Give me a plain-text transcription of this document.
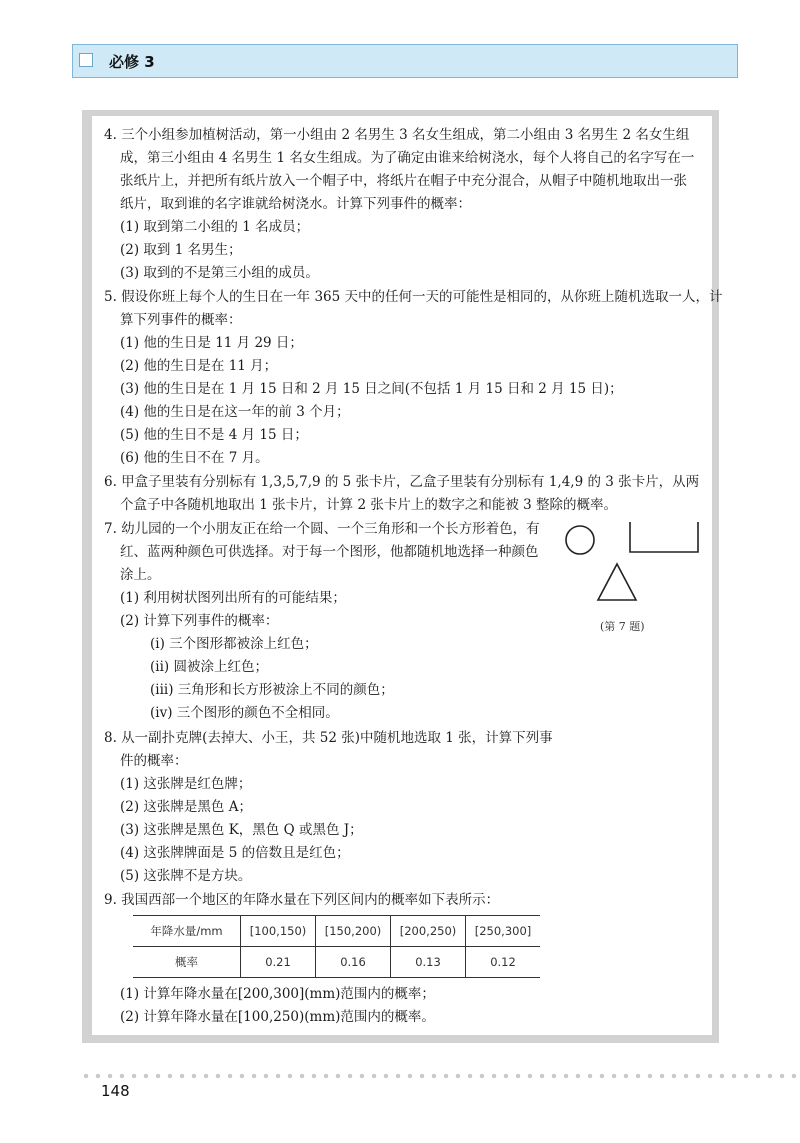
必修 3
4. 三个小组参加植树活动，第一小组由 2 名男生 3 名女生组成，第二小组由 3 名男生 2 名女生组
成，第三小组由 4 名男生 1 名女生组成。为了确定由谁来给树浇水，每个人将自己的名字写在一
张纸片上，并把所有纸片放入一个帽子中，将纸片在帽子中充分混合，从帽子中随机地取出一张
纸片，取到谁的名字谁就给树浇水。计算下列事件的概率：
(1) 取到第二小组的 1 名成员；
(2) 取到 1 名男生；
(3) 取到的不是第三小组的成员。
5. 假设你班上每个人的生日在一年 365 天中的任何一天的可能性是相同的，从你班上随机选取一人，计
算下列事件的概率：
(1) 他的生日是 11 月 29 日；
(2) 他的生日是在 11 月；
(3) 他的生日是在 1 月 15 日和 2 月 15 日之间(不包括 1 月 15 日和 2 月 15 日)；
(4) 他的生日是在这一年的前 3 个月；
(5) 他的生日不是 4 月 15 日；
(6) 他的生日不在 7 月。
6. 甲盒子里装有分别标有 1,3,5,7,9 的 5 张卡片，乙盒子里装有分别标有 1,4,9 的 3 张卡片，从两
个盒子中各随机地取出 1 张卡片，计算 2 张卡片上的数字之和能被 3 整除的概率。
7. 幼儿园的一个小朋友正在给一个圆、一个三角形和一个长方形着色，有
红、蓝两种颜色可供选择。对于每一个图形，他都随机地选择一种颜色
涂上。
(1) 利用树状图列出所有的可能结果；
(2) 计算下列事件的概率：
(i) 三个图形都被涂上红色；
(ii) 圆被涂上红色；
(iii) 三角形和长方形被涂上不同的颜色；
(iv) 三个图形的颜色不全相同。
(第 7 题)
8. 从一副扑克牌(去掉大、小王，共 52 张)中随机地选取 1 张，计算下列事
件的概率：
(1) 这张牌是红色牌；
(2) 这张牌是黑色 A；
(3) 这张牌是黑色 K，黑色 Q 或黑色 J；
(4) 这张牌牌面是 5 的倍数且是红色；
(5) 这张牌不是方块。
9. 我国西部一个地区的年降水量在下列区间内的概率如下表所示：
年降水量/mm	[100,150)	[150,200)	[200,250)	[250,300]
概率	0.21	0.16	0.13	0.12
(1) 计算年降水量在[200,300](mm)范围内的概率；
(2) 计算年降水量在[100,250)(mm)范围内的概率。
148
